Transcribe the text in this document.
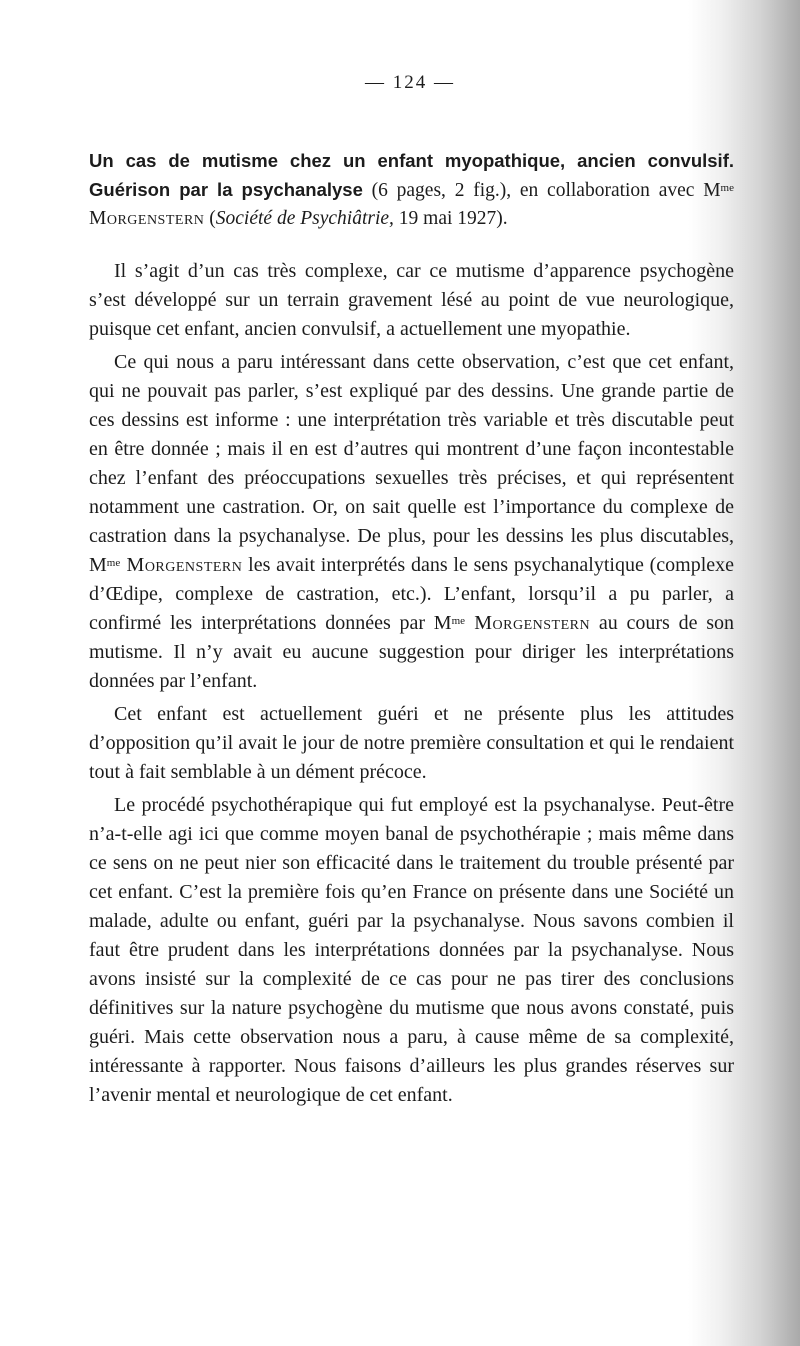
— 124 —
Un cas de mutisme chez un enfant myopathique, ancien convulsif. Guérison par la psychanalyse (6 pages, 2 fig.), en collaboration avec $M^{me}$ Morgenstern (Société de Psychiâtrie, 19 mai 1927).

Il s’agit d’un cas très complexe, car ce mutisme d’apparence psychogène s’est développé sur un terrain gravement lésé au point de vue neurologique, puisque cet enfant, ancien convulsif, a actuellement une myopathie.

Ce qui nous a paru intéressant dans cette observation, c’est que cet enfant, qui ne pouvait pas parler, s’est expliqué par des dessins. Une grande partie de ces dessins est informe : une interprétation très variable et très discutable peut en être donnée ; mais il en est d’autres qui montrent d’une façon incontestable chez l’enfant des préoccupations sexuelles très précises, et qui représentent notamment une castration. Or, on sait quelle est l’importance du complexe de castration dans la psychanalyse. De plus, pour les dessins les plus discutables, $M^{me}$ Morgenstern les avait interprétés dans le sens psychanalytique (complexe d’Œdipe, complexe de castration, etc.). L’enfant, lorsqu’il a pu parler, a confirmé les interprétations données par $M^{me}$ Morgenstern au cours de son mutisme. Il n’y avait eu aucune suggestion pour diriger les interprétations données par l’enfant.

Cet enfant est actuellement guéri et ne présente plus les attitudes d’opposition qu’il avait le jour de notre première consultation et qui le rendaient tout à fait semblable à un dément précoce.

Le procédé psychothérapique qui fut employé est la psychanalyse. Peut-être n’a-t-elle agi ici que comme moyen banal de psychothérapie ; mais même dans ce sens on ne peut nier son efficacité dans le traitement du trouble présenté par cet enfant. C’est la première fois qu’en France on présente dans une Société un malade, adulte ou enfant, guéri par la psychanalyse. Nous savons combien il faut être prudent dans les interprétations données par la psychanalyse. Nous avons insisté sur la complexité de ce cas pour ne pas tirer des conclusions définitives sur la nature psychogène du mutisme que nous avons constaté, puis guéri. Mais cette observation nous a paru, à cause même de sa complexité, intéressante à rapporter. Nous faisons d’ailleurs les plus grandes réserves sur l’avenir mental et neurologique de cet enfant.
